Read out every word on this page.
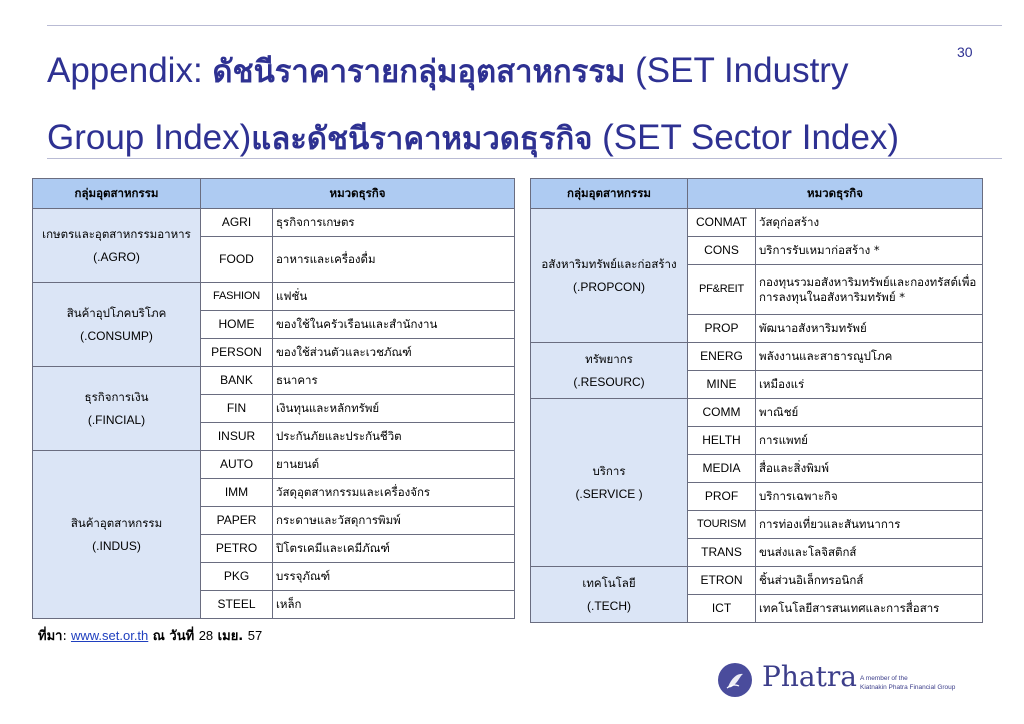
Appendix: ดัชนีราคารายกลุ่มอุตสาหกรรม (SET Industry Group Index)และดัชนีราคาหมวดธุรกิจ (SET Sector Index)
30
กลุ่มอุตสาหกรรม	หมวดธุรกิจ	

เกษตรและอุตสาหกรรมอาหาร
(.AGRO)	AGRI	ธุรกิจการเกษตร
	FOOD	อาหารและเครื่องดื่ม

สินค้าอุปโภคบริโภค
(.CONSUMP)	FASHION	แฟชั่น
	HOME	ของใช้ในครัวเรือนและสำนักงาน
	PERSON	ของใช้ส่วนตัวและเวชภัณฑ์

ธุรกิจการเงิน
(.FINCIAL)	BANK	ธนาคาร
	FIN	เงินทุนและหลักทรัพย์
	INSUR	ประกันภัยและประกันชีวิต

สินค้าอุตสาหกรรม
(.INDUS)	AUTO	ยานยนต์
	IMM	วัสดุอุตสาหกรรมและเครื่องจักร
	PAPER	กระดาษและวัสดุการพิมพ์
	PETRO	ปิโตรเคมีและเคมีภัณฑ์
	PKG	บรรจุภัณฑ์
	STEEL	เหล็ก
กลุ่มอุตสาหกรรม	หมวดธุรกิจ	

อสังหาริมทรัพย์และก่อสร้าง
(.PROPCON)	CONMAT	วัสดุก่อสร้าง
	CONS	บริการรับเหมาก่อสร้าง *
	PF&REIT	กองทุนรวมอสังหาริมทรัพย์และกองทรัสต์เพื่อการลงทุนในอสังหาริมทรัพย์ *
	PROP	พัฒนาอสังหาริมทรัพย์

ทรัพยากร
(.RESOURC)	ENERG	พลังงานและสาธารณูปโภค
	MINE	เหมืองแร่

บริการ
(.SERVICE )	COMM	พาณิชย์
	HELTH	การแพทย์
	MEDIA	สื่อและสิ่งพิมพ์
	PROF	บริการเฉพาะกิจ
	TOURISM	การท่องเที่ยวและสันทนาการ
	TRANS	ขนส่งและโลจิสติกส์

เทคโนโลยี
(.TECH)	ETRON	ชิ้นส่วนอิเล็กทรอนิกส์
	ICT	เทคโนโลยีสารสนเทศและการสื่อสาร
ที่มา: www.set.or.th ณ วันที่ 28 เมย. 57
Phatra A member of the
Kiatnakin Phatra Financial Group
